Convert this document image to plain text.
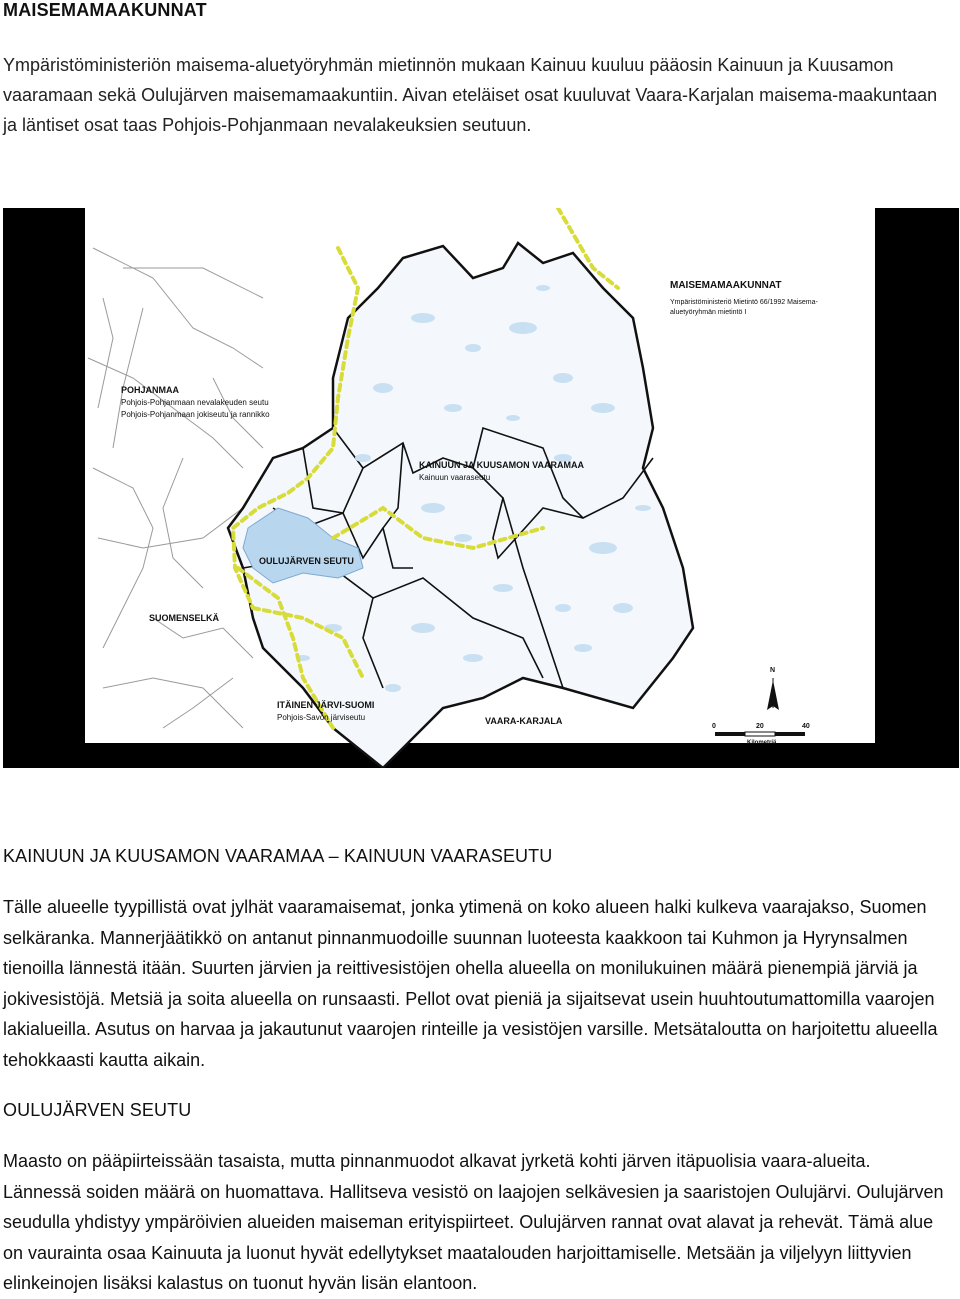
MAISEMAMAAKUNNAT

Ympäristöministeriön maisema-aluetyöryhmän mietinnön mukaan Kainuu kuuluu pääosin Kainuun ja Kuusamon vaaramaan sekä Oulujärven maisemamaakuntiin. Aivan eteläiset osat kuuluvat Vaara-Karjalan maisema-maakuntaan ja läntiset osat taas Pohjois-Pohjanmaan nevalakeuksien seutuun.

MAISEMAMAAKUNNAT
Ympäristöministeriö Mietintö 66/1992 Maisema-
aluetyöryhmän mietintö I
POHJANMAA
Pohjois-Pohjanmaan nevalakeuden seutu
Pohjois-Pohjanmaan jokiseutu ja rannikko
KAINUUN JA KUUSAMON VAARAMAA
Kainuun vaaraseutu
OULUJÄRVEN SEUTU
SUOMENSELKÄ
ITÄINEN JÄRVI-SUOMI
Pohjois-Savon järviseutu	VAARA-KARJALA
N
0	20	40
Kilometriä
KAINUUN JA KUUSAMON VAARAMAA – KAINUUN VAARASEUTU

Tälle alueelle tyypillistä ovat jylhät vaaramaisemat, jonka ytimenä on koko alueen halki kulkeva vaarajakso, Suomen selkäranka. Mannerjäätikkö on antanut pinnanmuodoille suunnan luoteesta kaakkoon tai Kuhmon ja Hyrynsalmen tienoilla lännestä itään. Suurten järvien ja reittivesistöjen ohella alueella on monilukuinen määrä pienempiä järviä ja jokivesistöjä. Metsiä ja soita alueella on runsaasti. Pellot ovat pieniä ja sijaitsevat usein huuhtoutumattomilla vaarojen lakialueilla. Asutus on harvaa ja jakautunut vaarojen rinteille ja vesistöjen varsille. Metsätaloutta on harjoitettu alueella tehokkaasti kautta aikain.

OULUJÄRVEN SEUTU

Maasto on pääpiirteissään tasaista, mutta pinnanmuodot alkavat jyrketä kohti järven itäpuolisia vaara-alueita. Lännessä soiden määrä on huomattava. Hallitseva vesistö on laajojen selkävesien ja saaristojen Oulujärvi. Oulujärven seudulla yhdistyy ympäröivien alueiden maiseman erityispiirteet. Oulujärven rannat ovat alavat ja rehevät. Tämä alue on vaurainta osaa Kainuuta ja luonut hyvät edellytykset maatalouden harjoittamiselle. Metsään ja viljelyyn liittyvien elinkeinojen lisäksi kalastus on tuonut hyvän lisän elantoon.
